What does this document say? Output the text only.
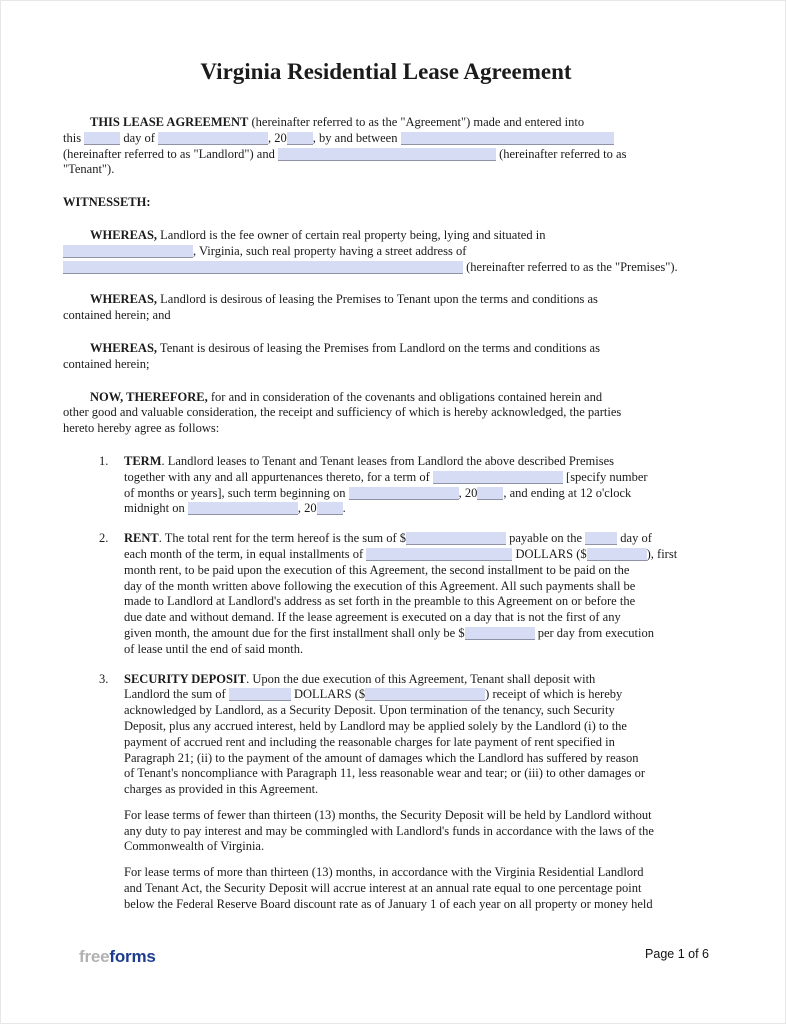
Virginia Residential Lease Agreement
THIS LEASE AGREEMENT (hereinafter referred to as the "Agreement") made and entered into
this	day of	, 20 , by and between
(hereinafter referred to as "Landlord") and	(hereinafter referred to as
"Tenant").
WITNESSETH:
WHEREAS, Landlord is the fee owner of certain real property being, lying and situated in
, Virginia, such real property having a street address of
(hereinafter referred to as the "Premises").
WHEREAS, Landlord is desirous of leasing the Premises to Tenant upon the terms and conditions as
contained herein; and
WHEREAS, Tenant is desirous of leasing the Premises from Landlord on the terms and conditions as
contained herein;
NOW, THEREFORE, for and in consideration of the covenants and obligations contained herein and
other good and valuable consideration, the receipt and sufficiency of which is hereby acknowledged, the parties
hereto hereby agree as follows:
1.	TERM. Landlord leases to Tenant and Tenant leases from Landlord the above described Premises
together with any and all appurtenances thereto, for a term of	[specify number
of months or years], such term beginning on	, 20 , and ending at 12 o'clock
midnight on	, 20 .
2.	RENT. The total rent for the term hereof is the sum of $	payable on the	day of
each month of the term, in equal installments of	DOLLARS ($	), first
month rent, to be paid upon the execution of this Agreement, the second installment to be paid on the
day of the month written above following the execution of this Agreement. All such payments shall be
made to Landlord at Landlord's address as set forth in the preamble to this Agreement on or before the
due date and without demand. If the lease agreement is executed on a day that is not the first of any
given month, the amount due for the first installment shall only be $	per day from execution
of lease until the end of said month.
3.	SECURITY DEPOSIT. Upon the due execution of this Agreement, Tenant shall deposit with
Landlord the sum of	DOLLARS ($	) receipt of which is hereby
acknowledged by Landlord, as a Security Deposit. Upon termination of the tenancy, such Security
Deposit, plus any accrued interest, held by Landlord may be applied solely by the Landlord (i) to the
payment of accrued rent and including the reasonable charges for late payment of rent specified in
Paragraph 21; (ii) to the payment of the amount of damages which the Landlord has suffered by reason
of Tenant's noncompliance with Paragraph 11, less reasonable wear and tear; or (iii) to other damages or
charges as provided in this Agreement.
For lease terms of fewer than thirteen (13) months, the Security Deposit will be held by Landlord without
any duty to pay interest and may be commingled with Landlord's funds in accordance with the laws of the
Commonwealth of Virginia.
For lease terms of more than thirteen (13) months, in accordance with the Virginia Residential Landlord
and Tenant Act, the Security Deposit will accrue interest at an annual rate equal to one percentage point
below the Federal Reserve Board discount rate as of January 1 of each year on all property or money held
freeforms	Page 1 of 6
